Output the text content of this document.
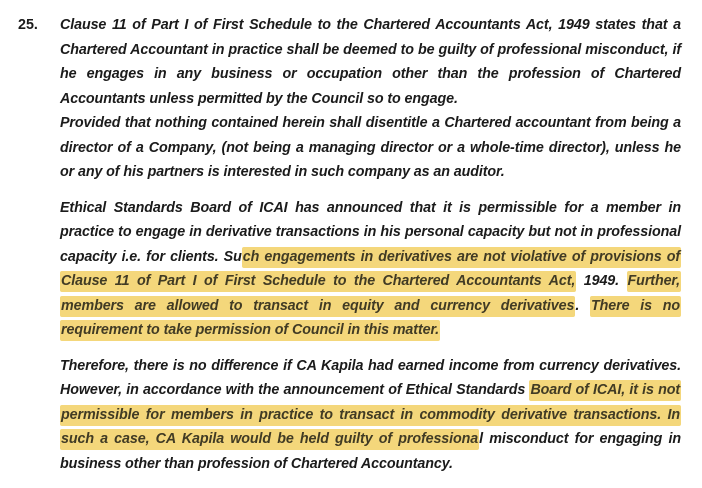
25. Clause 11 of Part I of First Schedule to the Chartered Accountants Act, 1949 states that a Chartered Accountant in practice shall be deemed to be guilty of professional misconduct, if he engages in any business or occupation other than the profession of Chartered Accountants unless permitted by the Council so to engage.

Provided that nothing contained herein shall disentitle a Chartered accountant from being a director of a Company, (not being a managing director or a whole-time director), unless he or any of his partners is interested in such company as an auditor.

Ethical Standards Board of ICAI has announced that it is permissible for a member in practice to engage in derivative transactions in his personal capacity but not in professional capacity i.e. for clients. Such engagements in derivatives are not violative of provisions of Clause 11 of Part I of First Schedule to the Chartered Accountants Act, 1949. Further, members are allowed to transact in equity and currency derivatives. There is no requirement to take permission of Council in this matter.

Therefore, there is no difference if CA Kapila had earned income from currency derivatives. However, in accordance with the announcement of Ethical Standards Board of ICAI, it is not permissible for members in practice to transact in commodity derivative transactions. In such a case, CA Kapila would be held guilty of professional misconduct for engaging in business other than profession of Chartered Accountancy.
